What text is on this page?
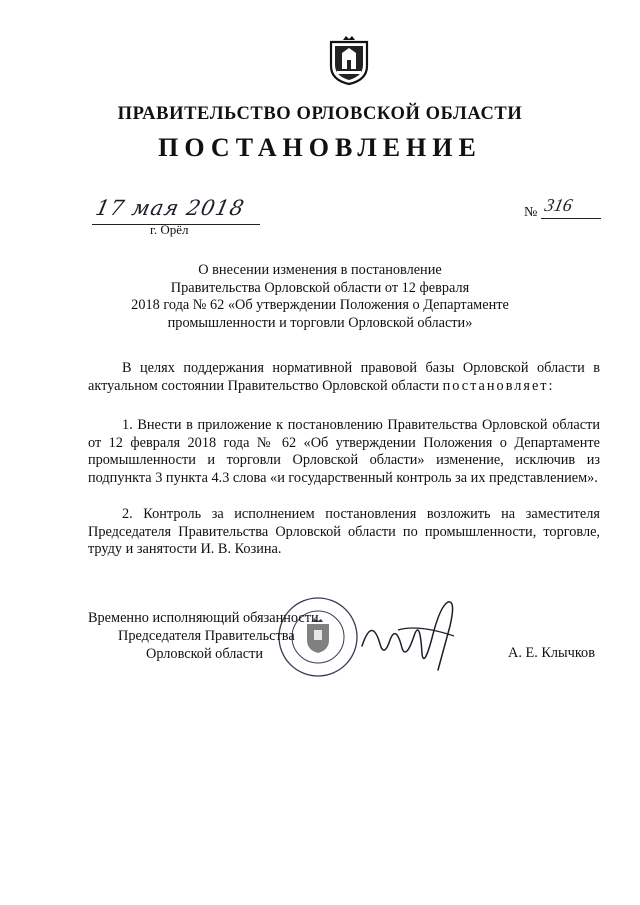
ПРАВИТЕЛЬСТВО ОРЛОВСКОЙ ОБЛАСТИ
ПОСТАНОВЛЕНИЕ
17 мая 2018
г. Орёл
№ 316
О внесении изменения в постановление
Правительства Орловской области от 12 февраля
2018 года № 62 «Об утверждении Положения о Департаменте
промышленности и торговли Орловской области»
В целях поддержания нормативной правовой базы Орловской области в актуальном состоянии Правительство Орловской области постановляет:
1. Внести в приложение к постановлению Правительства Орловской области от 12 февраля 2018 года № 62 «Об утверждении Положения о Департаменте промышленности и торговли Орловской области» изменение, исключив из подпункта 3 пункта 4.3 слова «и государственный контроль за их представлением».
2. Контроль за исполнением постановления возложить на заместителя Председателя Правительства Орловской области по промышленности, торговле, труду и занятости И. В. Козина.
Временно исполняющий обязанности
Председателя Правительства
Орловской области	А. Е. Клычков
